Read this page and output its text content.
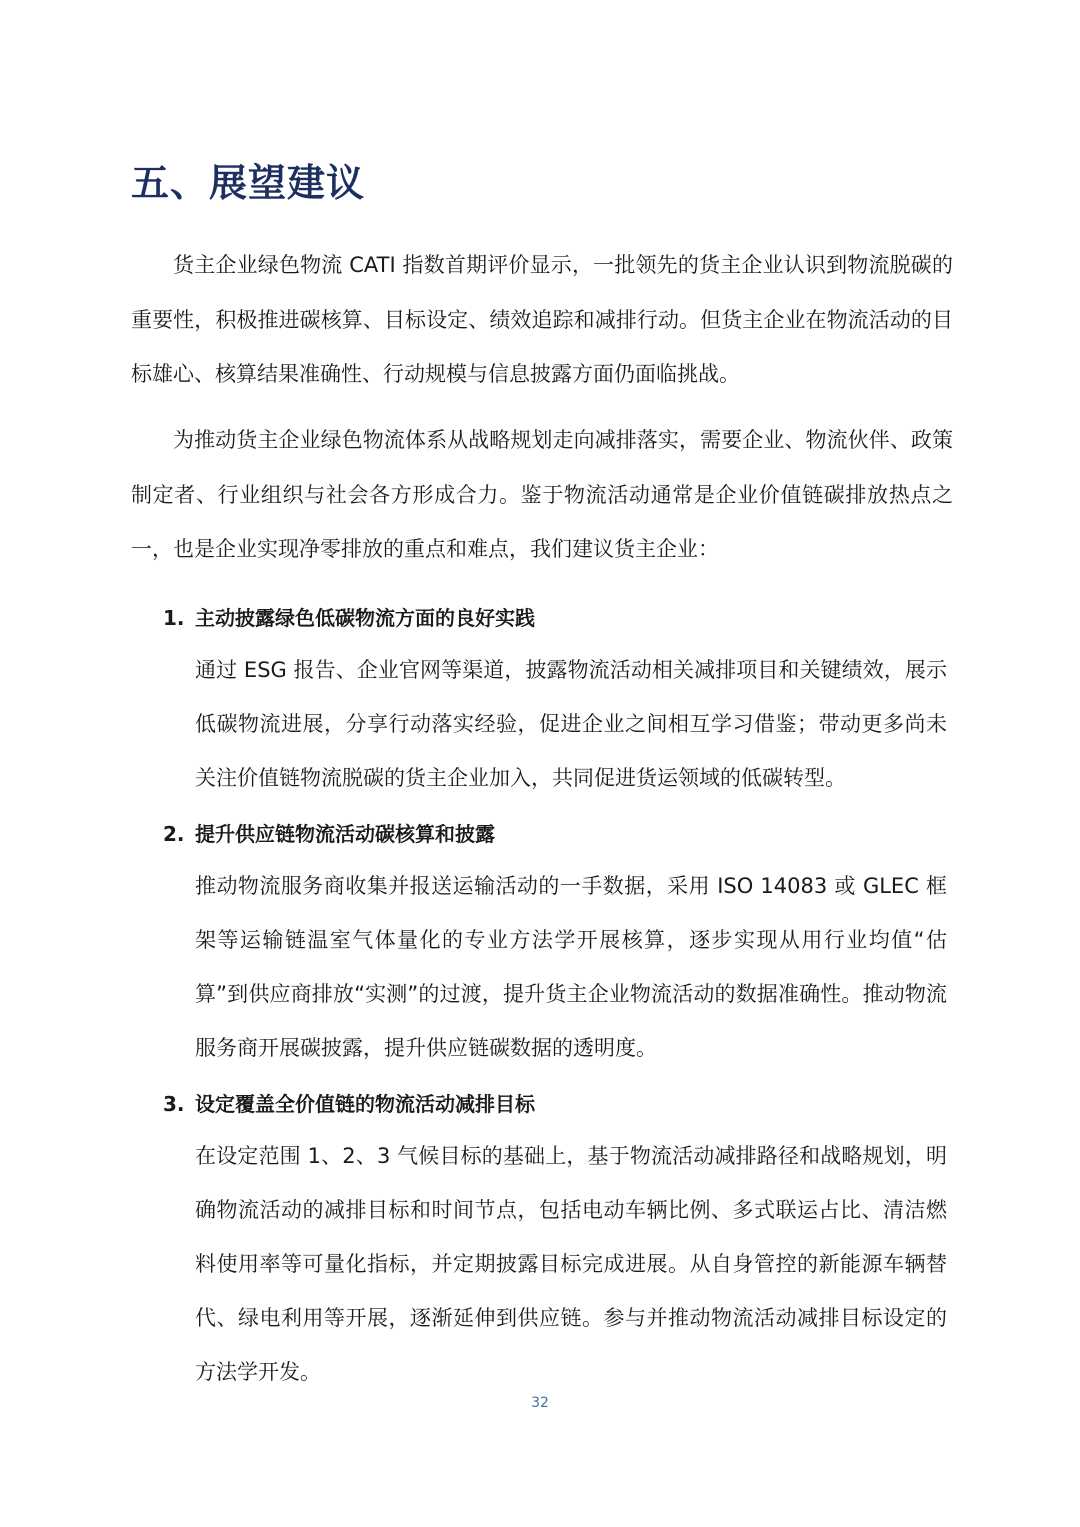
五、展望建议

货主企业绿色物流 CATI 指数首期评价显示，一批领先的货主企业认识到物流脱碳的重要性，积极推进碳核算、目标设定、绩效追踪和减排行动。但货主企业在物流活动的目标雄心、核算结果准确性、行动规模与信息披露方面仍面临挑战。

为推动货主企业绿色物流体系从战略规划走向减排落实，需要企业、物流伙伴、政策制定者、行业组织与社会各方形成合力。鉴于物流活动通常是企业价值链碳排放热点之一，也是企业实现净零排放的重点和难点，我们建议货主企业：

1. 主动披露绿色低碳物流方面的良好实践

通过 ESG 报告、企业官网等渠道，披露物流活动相关减排项目和关键绩效，展示低碳物流进展，分享行动落实经验，促进企业之间相互学习借鉴；带动更多尚未关注价值链物流脱碳的货主企业加入，共同促进货运领域的低碳转型。

2. 提升供应链物流活动碳核算和披露

推动物流服务商收集并报送运输活动的一手数据，采用 ISO 14083 或 GLEC 框架等运输链温室气体量化的专业方法学开展核算，逐步实现从用行业均值“估算”到供应商排放“实测”的过渡，提升货主企业物流活动的数据准确性。推动物流服务商开展碳披露，提升供应链碳数据的透明度。

3. 设定覆盖全价值链的物流活动减排目标

在设定范围 1、2、3 气候目标的基础上，基于物流活动减排路径和战略规划，明确物流活动的减排目标和时间节点，包括电动车辆比例、多式联运占比、清洁燃料使用率等可量化指标，并定期披露目标完成进展。从自身管控的新能源车辆替代、绿电利用等开展，逐渐延伸到供应链。参与并推动物流活动减排目标设定的方法学开发。

32
